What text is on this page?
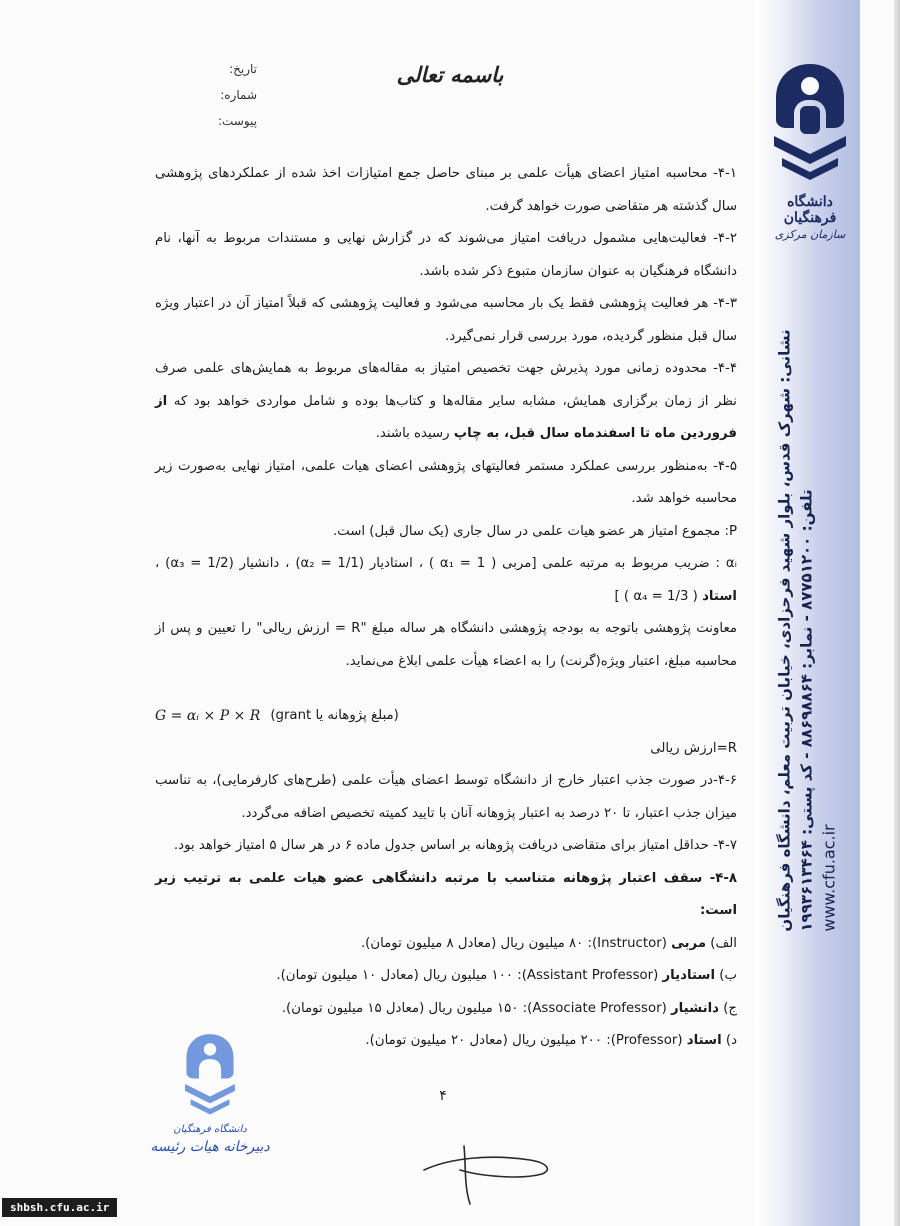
دانشگاه فرهنگیان
سازمان مرکزی
نشانی: شهرک قدس، بلوار شهید فرحزادی، خیابان تربیت معلم، دانشگاه فرهنگیان تلفن: ۸۷۷۵۱۲۰۰ - نمابر: ۸۸۶۹۸۸۶۴ - کد پستی: ۱۹۹۳۶۱۳۴۶۴
www.cfu.ac.ir
باسمه تعالی
تاریخ:
شماره:
پیوست:

۴-۱- محاسبه امتیاز اعضای هیأت علمی بر مبنای حاصل جمع امتیازات اخذ شده از عملکردهای پژوهشی سال گذشته هر متقاضی صورت خواهد گرفت.

۴-۲- فعالیت‌هایی مشمول دریافت امتیاز می‌شوند که در گزارش نهایی و مستندات مربوط به آنها، نام دانشگاه فرهنگیان به عنوان سازمان متبوع ذکر شده باشد.

۴-۳- هر فعالیت پژوهشی فقط یک بار محاسبه می‌شود و فعالیت پژوهشی که قبلاً امتیاز آن در اعتبار ویژه سال قبل منظور گردیده، مورد بررسی قرار نمی‌گیرد.

۴-۴- محدوده زمانی مورد پذیرش جهت تخصیص امتیاز به مقاله‌های مربوط به همایش‌های علمی صرف نظر از زمان برگزاری همایش، مشابه سایر مقاله‌ها و کتاب‌ها بوده و شامل مواردی خواهد بود که از فروردین ماه تا اسفندماه سال قبل، به چاپ رسیده باشند.

۴-۵- به‌منظور بررسی عملکرد مستمر فعالیتهای پژوهشی اعضای هیات علمی، امتیاز نهایی به‌صورت زیر محاسبه خواهد شد.

P: مجموع امتیاز هر عضو هیات علمی در سال جاری (یک سال قبل) است.

αᵢ : ضریب مربوط به مرتبه علمی [مربی ( α₁ = 1 ) ، استادیار (α₂ = 1/1) ، دانشیار (α₃ = 1/2) ، استاد ( α₄ = 1/3 ) ]

معاونت پژوهشی باتوجه به بودجه پژوهشی دانشگاه هر ساله مبلغ "R = ارزش ریالی" را تعیین و پس از محاسبه مبلغ، اعتبار ویژه(گرنت) را به اعضاء هیأت علمی ابلاغ می‌نماید.

(مبلغ پژوهانه یا grant)
G = αᵢ × P × R

R=ارزش ریالی

۴-۶-در صورت جذب اعتبار خارج از دانشگاه توسط اعضای هیأت علمی (طرح‌های کارفرمایی)، به تناسب میزان جذب اعتبار، تا ۲۰ درصد به اعتبار پژوهانه آنان با تایید کمیته تخصیص اضافه می‌گردد.

۴-۷- حداقل امتیاز برای متقاضی دریافت پژوهانه بر اساس جدول ماده ۶ در هر سال ۵ امتیاز خواهد بود.

۴-۸- سقف اعتبار پژوهانه متناسب با مرتبه دانشگاهی عضو هیات علمی به ترتیب زیر است:

الف) مربی (Instructor): ۸۰ میلیون ریال (معادل ۸ میلیون تومان).

ب) استادیار (Assistant Professor): ۱۰۰ میلیون ریال (معادل ۱۰ میلیون تومان).

ج) دانشیار (Associate Professor): ۱۵۰ میلیون ریال (معادل ۱۵ میلیون تومان).

د) استاد (Professor): ۲۰۰ میلیون ریال (معادل ۲۰ میلیون تومان).

۴
دانشگاه فرهنگیان
دبیرخانه هیات رئیسه
shbsh.cfu.ac.ir
